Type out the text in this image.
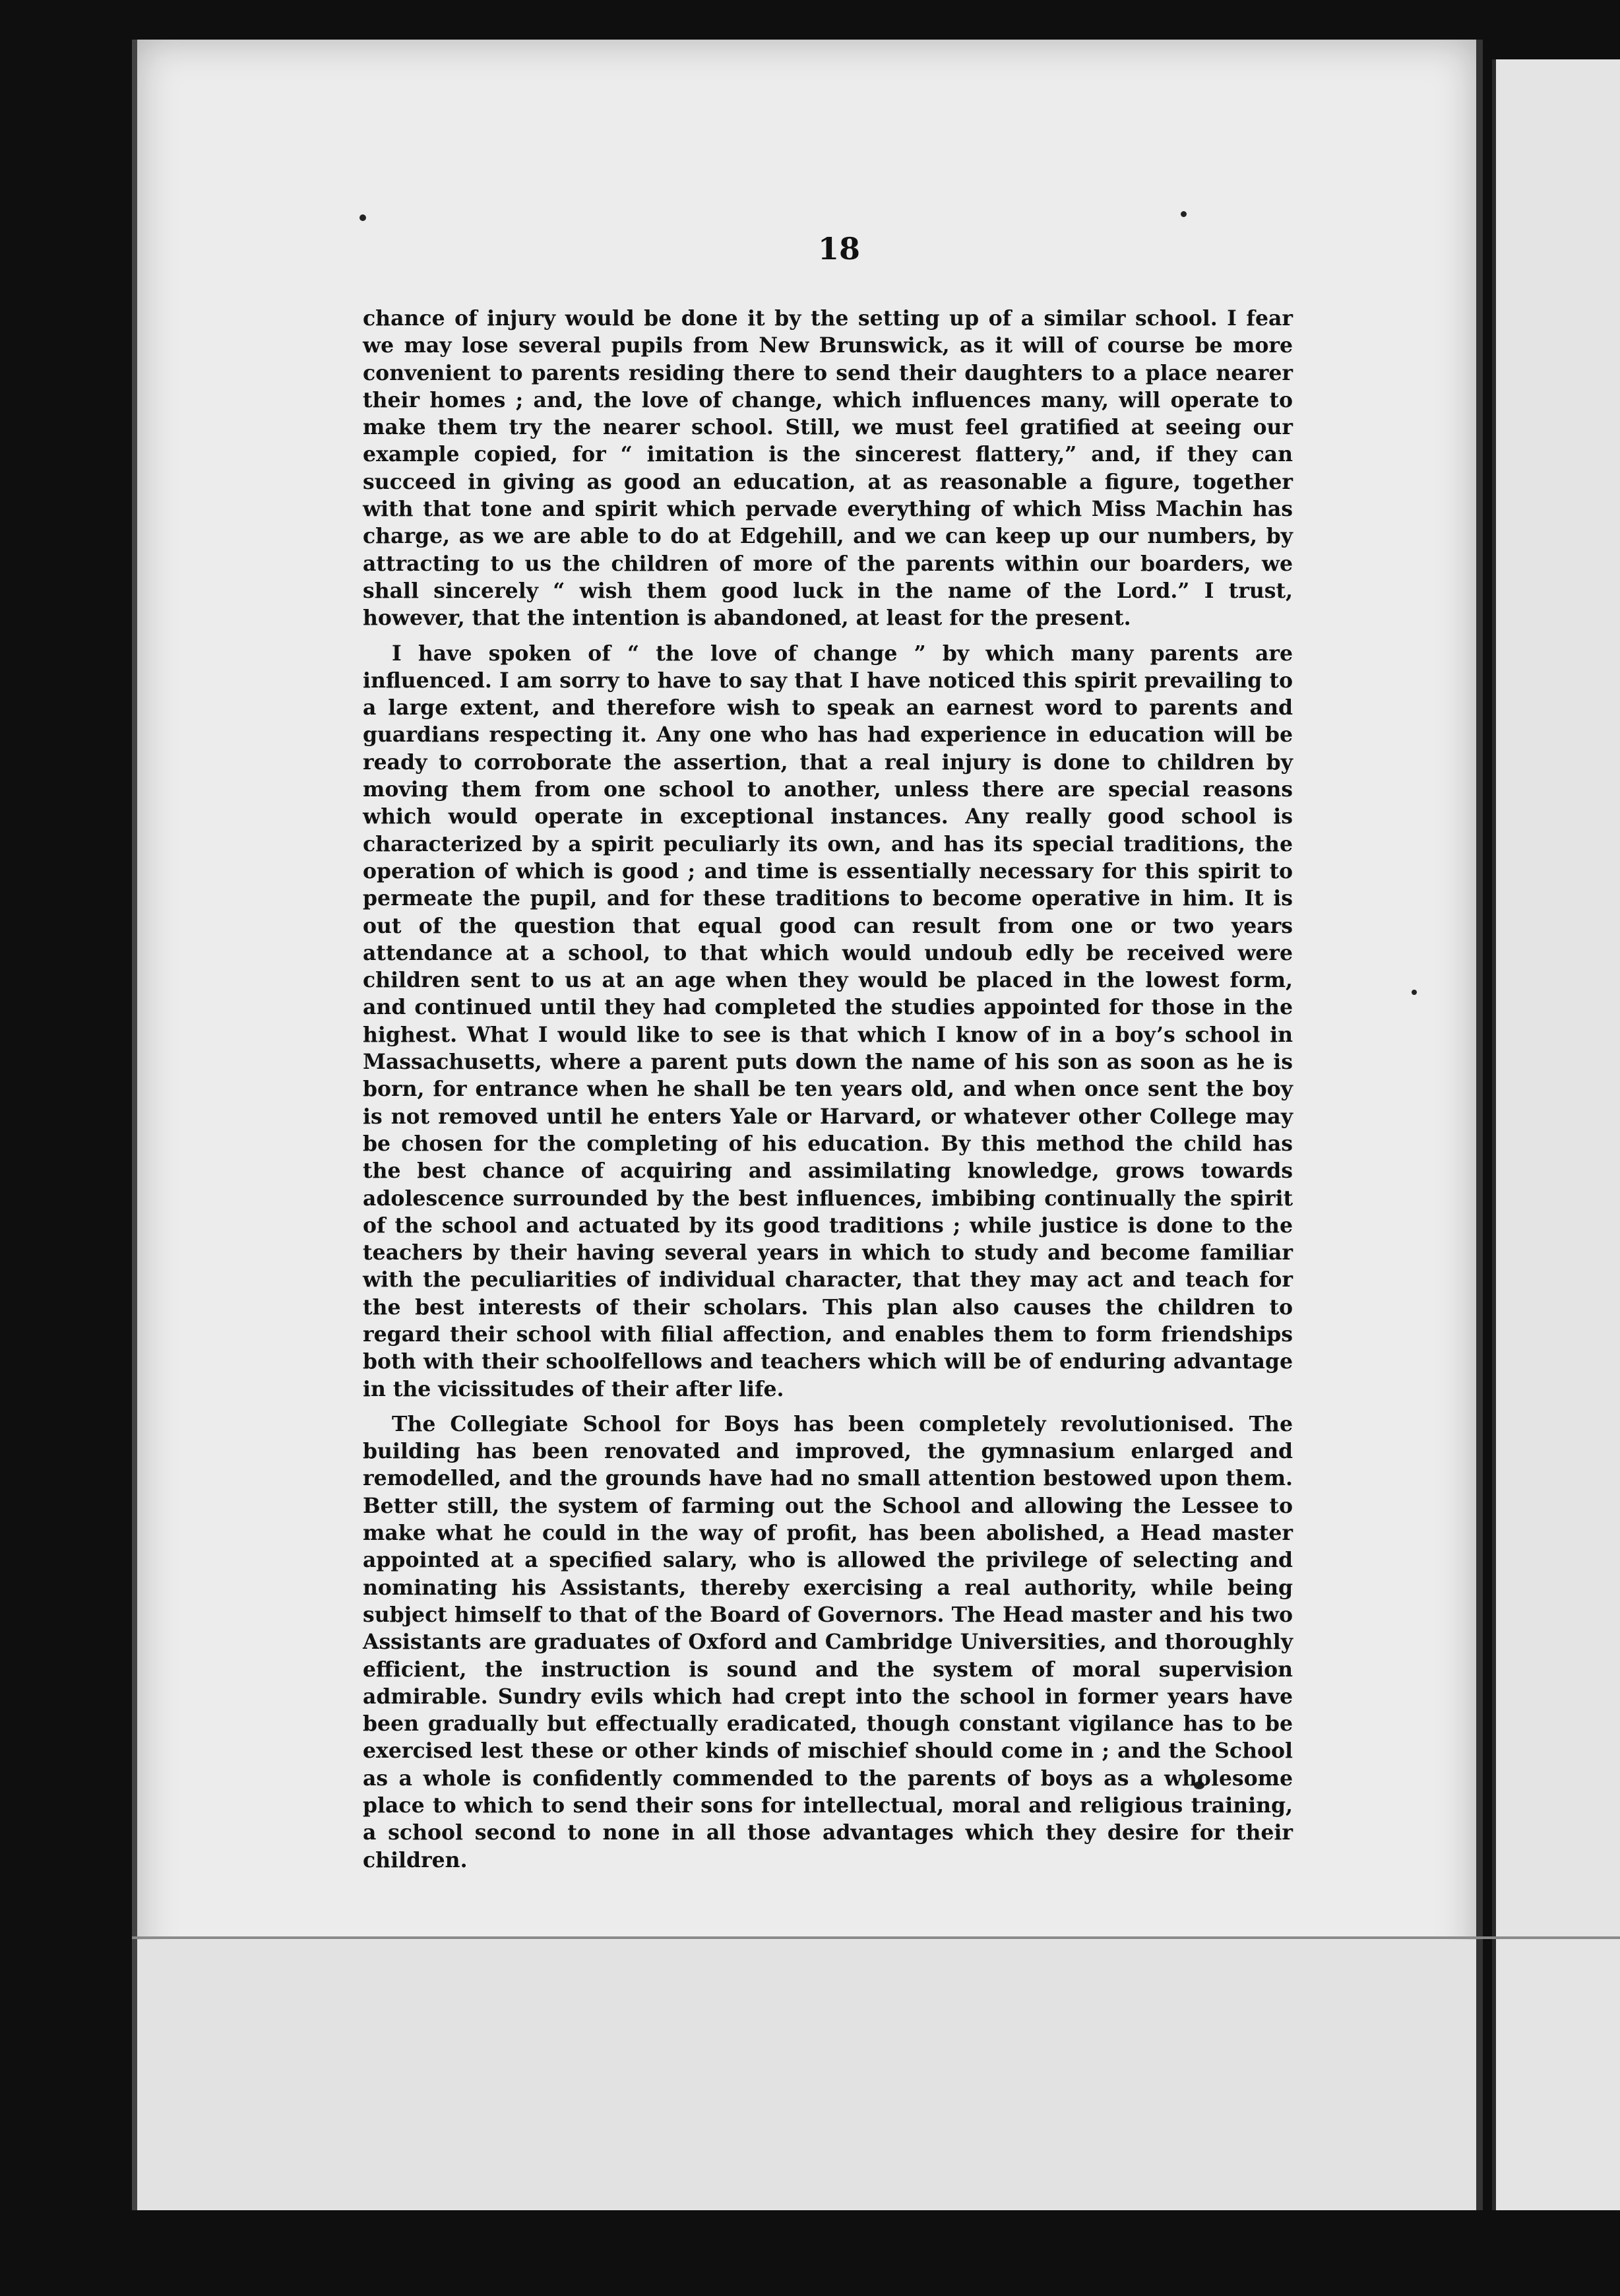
18

chance of injury would be done it by the setting up of a similar school. I fear we may lose several pupils from New Brunswick, as it will of course be more convenient to parents residing there to send their daughters to a place nearer their homes ; and, the love of change, which influences many, will operate to make them try the nearer school. Still, we must feel gratified at seeing our example copied, for “ imitation is the sincerest flattery,” and, if they can succeed in giving as good an education, at as reasonable a figure, together with that tone and spirit which pervade everything of which Miss Machin has charge, as we are able to do at Edgehill, and we can keep up our numbers, by attracting to us the children of more of the parents within our boarders, we shall sincerely “ wish them good luck in the name of the Lord.” I trust, however, that the intention is abandoned, at least for the present.

I have spoken of “ the love of change ” by which many parents are influenced. I am sorry to have to say that I have noticed this spirit prevailing to a large extent, and therefore wish to speak an earnest word to parents and guardians respecting it. Any one who has had experience in education will be ready to corroborate the assertion, that a real injury is done to children by moving them from one school to another, unless there are special reasons which would operate in exceptional instances. Any really good school is characterized by a spirit peculiarly its own, and has its special traditions, the operation of which is good ; and time is essentially necessary for this spirit to permeate the pupil, and for these traditions to become operative in him. It is out of the question that equal good can result from one or two years attendance at a school, to that which would undoub edly be received were children sent to us at an age when they would be placed in the lowest form, and continued until they had completed the studies appointed for those in the highest. What I would like to see is that which I know of in a boy’s school in Massachusetts, where a parent puts down the name of his son as soon as he is born, for entrance when he shall be ten years old, and when once sent the boy is not removed until he enters Yale or Harvard, or whatever other College may be chosen for the completing of his education. By this method the child has the best chance of acquiring and assimilating knowledge, grows towards adolescence surrounded by the best influences, imbibing continually the spirit of the school and actuated by its good traditions ; while justice is done to the teachers by their having several years in which to study and become familiar with the peculiarities of individual character, that they may act and teach for the best interests of their scholars. This plan also causes the children to regard their school with filial affection, and enables them to form friendships both with their schoolfellows and teachers which will be of enduring advantage in the vicissitudes of their after life.

The Collegiate School for Boys has been completely revolutionised. The building has been renovated and improved, the gymnasium enlarged and remodelled, and the grounds have had no small attention bestowed upon them. Better still, the system of farming out the School and allowing the Lessee to make what he could in the way of profit, has been abolished, a Head master appointed at a specified salary, who is allowed the privilege of selecting and nominating his Assistants, thereby exercising a real authority, while being subject himself to that of the Board of Governors. The Head master and his two Assistants are graduates of Oxford and Cambridge Universities, and thoroughly efficient, the instruction is sound and the system of moral supervision admirable. Sundry evils which had crept into the school in former years have been gradually but effectually eradicated, though constant vigilance has to be exercised lest these or other kinds of mischief should come in ; and the School as a whole is confidently commended to the parents of boys as a wholesome place to which to send their sons for intellectual, moral and religious training, a school second to none in all those advantages which they desire for their children.
